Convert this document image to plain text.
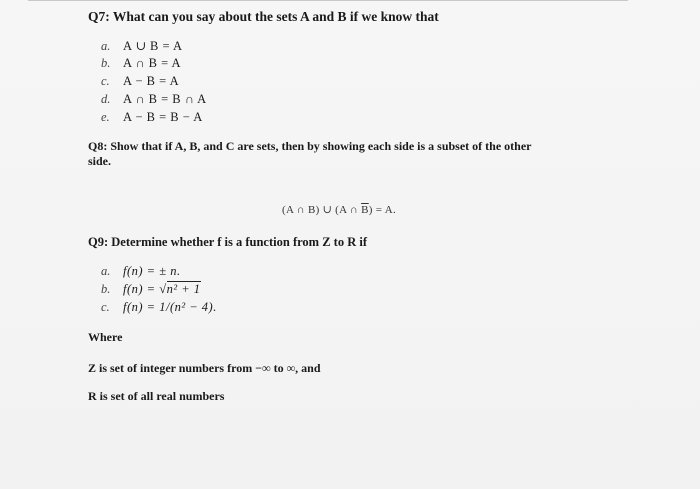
Q7: What can you say about the sets A and B if we know that
a. A ∪ B = A
b. A ∩ B = A
c. A − B = A
d. A ∩ B = B ∩ A
e. A − B = B − A
Q8: Show that if A, B, and C are sets, then by showing each side is a subset of the other
side.
(A ∩ B) ∪ (A ∩ $\overline{B}) = A$.
Q9: Determine whether f is a function from Z to R if
a. f(n) = ± n.
b. f(n) = √n² + 1
c. f(n) = 1/(n² − 4).
Where
Z is set of integer numbers from −∞ to ∞, and
R is set of all real numbers
